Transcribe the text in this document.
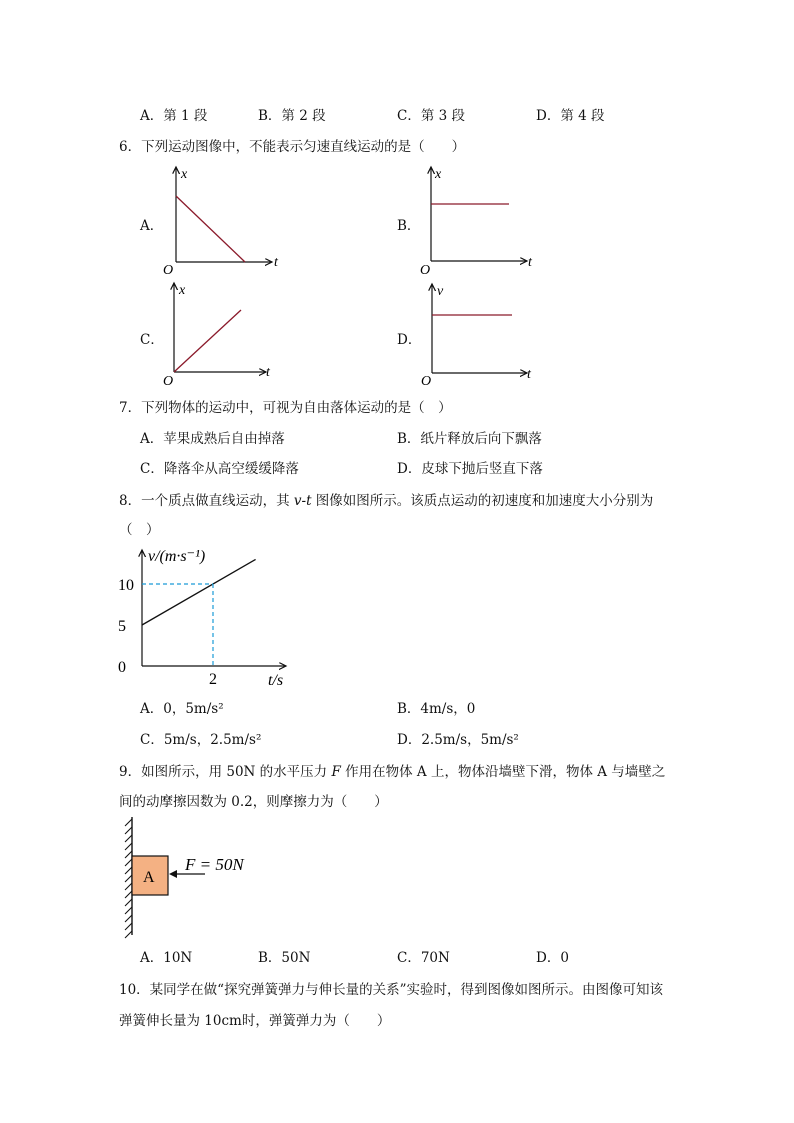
A．第 1 段	B．第 2 段	C．第 3 段	D．第 4 段
6．下列运动图像中，不能表示匀速直线运动的是（　　）
A．	B．
C．	D．
x
t
O
x
t
O
x
t
O
v
t
O
7．下列物体的运动中，可视为自由落体运动的是（　）
A．苹果成熟后自由掉落	B．纸片释放后向下飘落
C．降落伞从高空缓缓降落	D．皮球下抛后竖直下落
8．一个质点做直线运动，其 v-t 图像如图所示。该质点运动的初速度和加速度大小分别为
（　）
10
5
0
2
v/(m·s⁻¹)
t/s
A．0，5m/s²	B．4m/s，0
C．5m/s，2.5m/s²	D．2.5m/s，5m/s²
9．如图所示，用 50N 的水平压力 F 作用在物体 A 上，物体沿墙壁下滑，物体 A 与墙壁之
间的动摩擦因数为 0.2，则摩擦力为（　　）
A
F = 50N
A．10N	B．50N	C．70N	D．0
10．某同学在做“探究弹簧弹力与伸长量的关系”实验时，得到图像如图所示。由图像可知该
弹簧伸长量为 10cm时，弹簧弹力为（　　）
